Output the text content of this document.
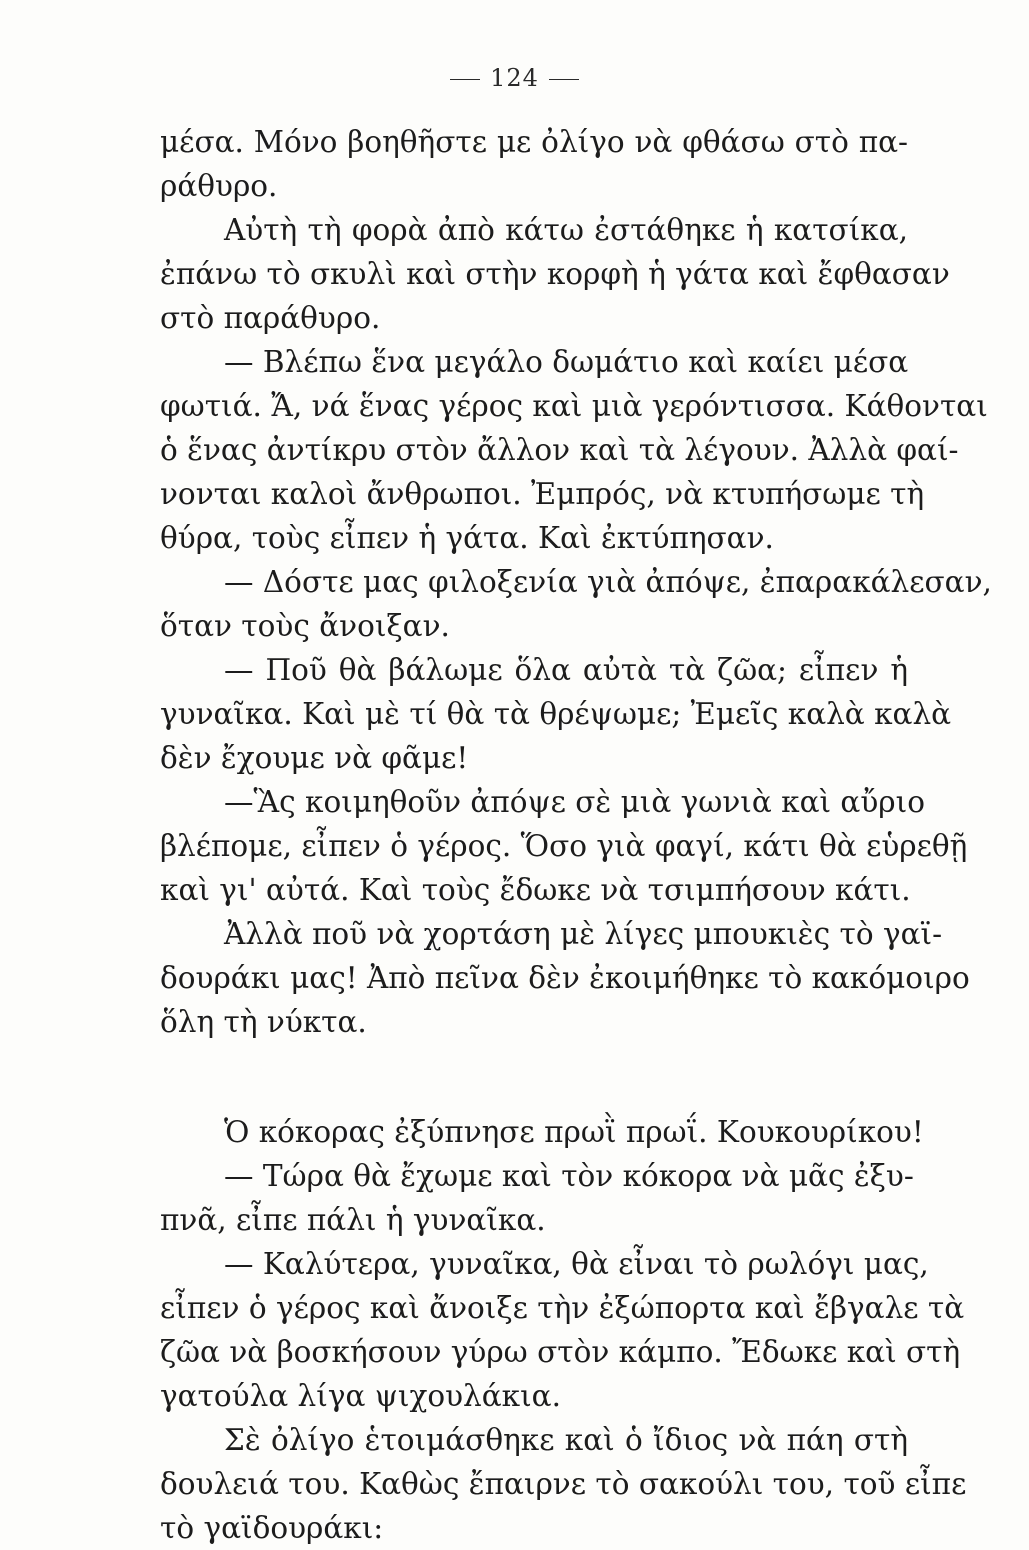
124
μέσα. Μόνο βοηθῆστε με ὀλίγο νὰ φθάσω στὸ πα-
ράθυρο.
Αὐτὴ τὴ φορὰ ἀπὸ κάτω ἐστάθηκε ἡ κατσίκα,
ἐπάνω τὸ σκυλὶ καὶ στὴν κορφὴ ἡ γάτα καὶ ἔφθασαν
στὸ παράθυρο.
— Βλέπω ἕνα μεγάλο δωμάτιο καὶ καίει μέσα
φωτιά. Ἄ, νά ἕνας γέρος καὶ μιὰ γερόντισσα. Κάθονται
ὁ ἕνας ἀντίκρυ στὸν ἄλλον καὶ τὰ λέγουν. Ἀλλὰ φαί-
νονται καλοὶ ἄνθρωποι. Ἐμπρός, νὰ κτυπήσωμε τὴ
θύρα, τοὺς εἶπεν ἡ γάτα. Καὶ ἐκτύπησαν.
— Δόστε μας φιλοξενία γιὰ ἀπόψε, ἐπαρακάλεσαν,
ὅταν τοὺς ἄνοιξαν.
— Ποῦ θὰ βάλωμε ὅλα αὐτὰ τὰ ζῶα; εἶπεν ἡ
γυναῖκα. Καὶ μὲ τί θὰ τὰ θρέψωμε; Ἐμεῖς καλὰ καλὰ
δὲν ἔχουμε νὰ φᾶμε!
—Ἃς κοιμηθοῦν ἀπόψε σὲ μιὰ γωνιὰ καὶ αὔριο
βλέπομε, εἶπεν ὁ γέρος. Ὅσο γιὰ φαγί, κάτι θὰ εὑρεθῇ
καὶ γι' αὐτά. Καὶ τοὺς ἔδωκε νὰ τσιμπήσουν κάτι.
Ἀλλὰ ποῦ νὰ χορτάση μὲ λίγες μπουκιὲς τὸ γαϊ-
δουράκι μας! Ἀπὸ πεῖνα δὲν ἐκοιμήθηκε τὸ κακόμοιρο
ὅλη τὴ νύκτα.
Ὁ κόκορας ἐξύπνησε πρωῒ πρωΐ. Κουκουρίκου!
— Τώρα θὰ ἔχωμε καὶ τὸν κόκορα νὰ μᾶς ἐξυ-
πνᾶ, εἶπε πάλι ἡ γυναῖκα.
— Καλύτερα, γυναῖκα, θὰ εἶναι τὸ ρωλόγι μας,
εἶπεν ὁ γέρος καὶ ἄνοιξε τὴν ἐξώπορτα καὶ ἔβγαλε τὰ
ζῶα νὰ βοσκήσουν γύρω στὸν κάμπο. Ἔδωκε καὶ στὴ
γατούλα λίγα ψιχουλάκια.
Σὲ ὀλίγο ἑτοιμάσθηκε καὶ ὁ ἴδιος νὰ πάη στὴ
δουλειά του. Καθὼς ἔπαιρνε τὸ σακούλι του, τοῦ εἶπε
τὸ γαϊδουράκι:
